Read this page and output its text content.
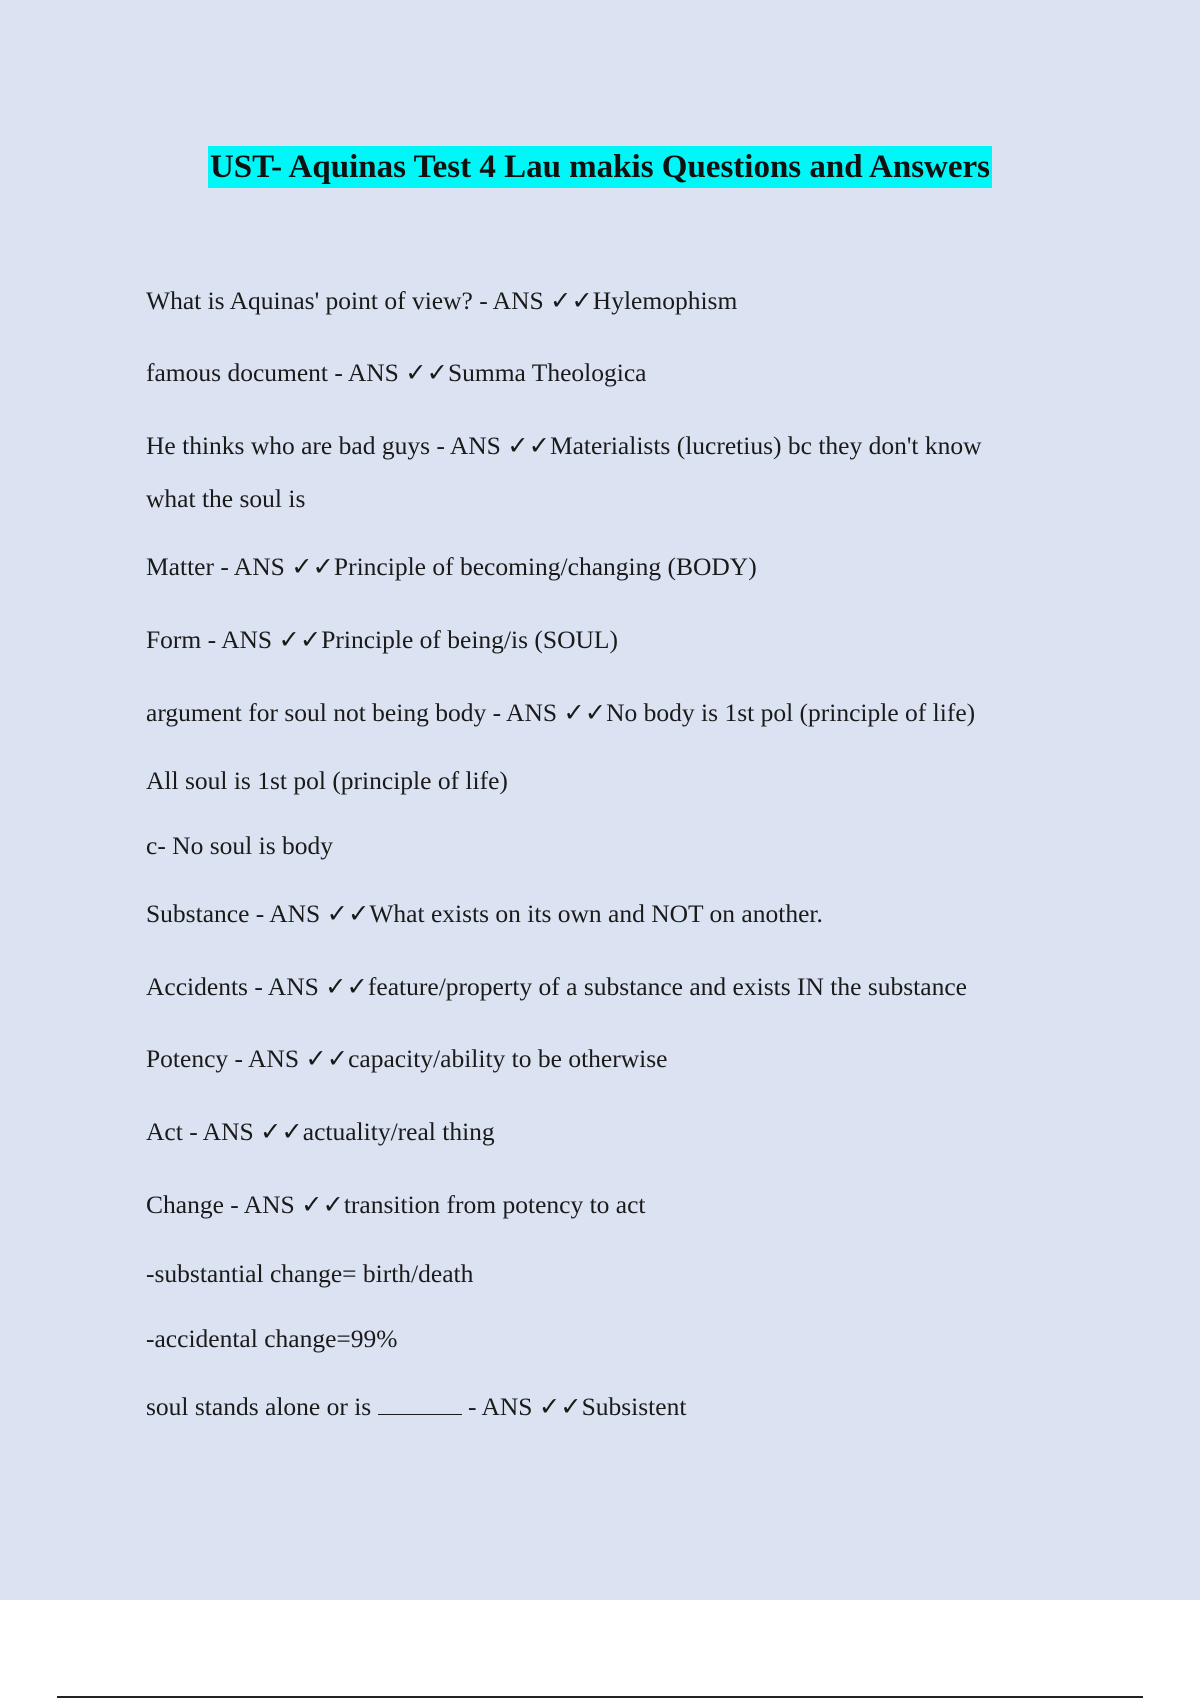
UST- Aquinas Test 4 Lau makis Questions and Answers
What is Aquinas' point of view? - ANS ✓✓Hylemophism
famous document - ANS ✓✓Summa Theologica
He thinks who are bad guys - ANS ✓✓Materialists (lucretius) bc they don't know
what the soul is
Matter - ANS ✓✓Principle of becoming/changing (BODY)
Form - ANS ✓✓Principle of being/is (SOUL)
argument for soul not being body - ANS ✓✓No body is 1st pol (principle of life)
All soul is 1st pol (principle of life)
c- No soul is body
Substance - ANS ✓✓What exists on its own and NOT on another.
Accidents - ANS ✓✓feature/property of a substance and exists IN the substance
Potency - ANS ✓✓capacity/ability to be otherwise
Act - ANS ✓✓actuality/real thing
Change - ANS ✓✓transition from potency to act
-substantial change= birth/death
-accidental change=99%
soul stands alone or is	- ANS ✓✓Subsistent
